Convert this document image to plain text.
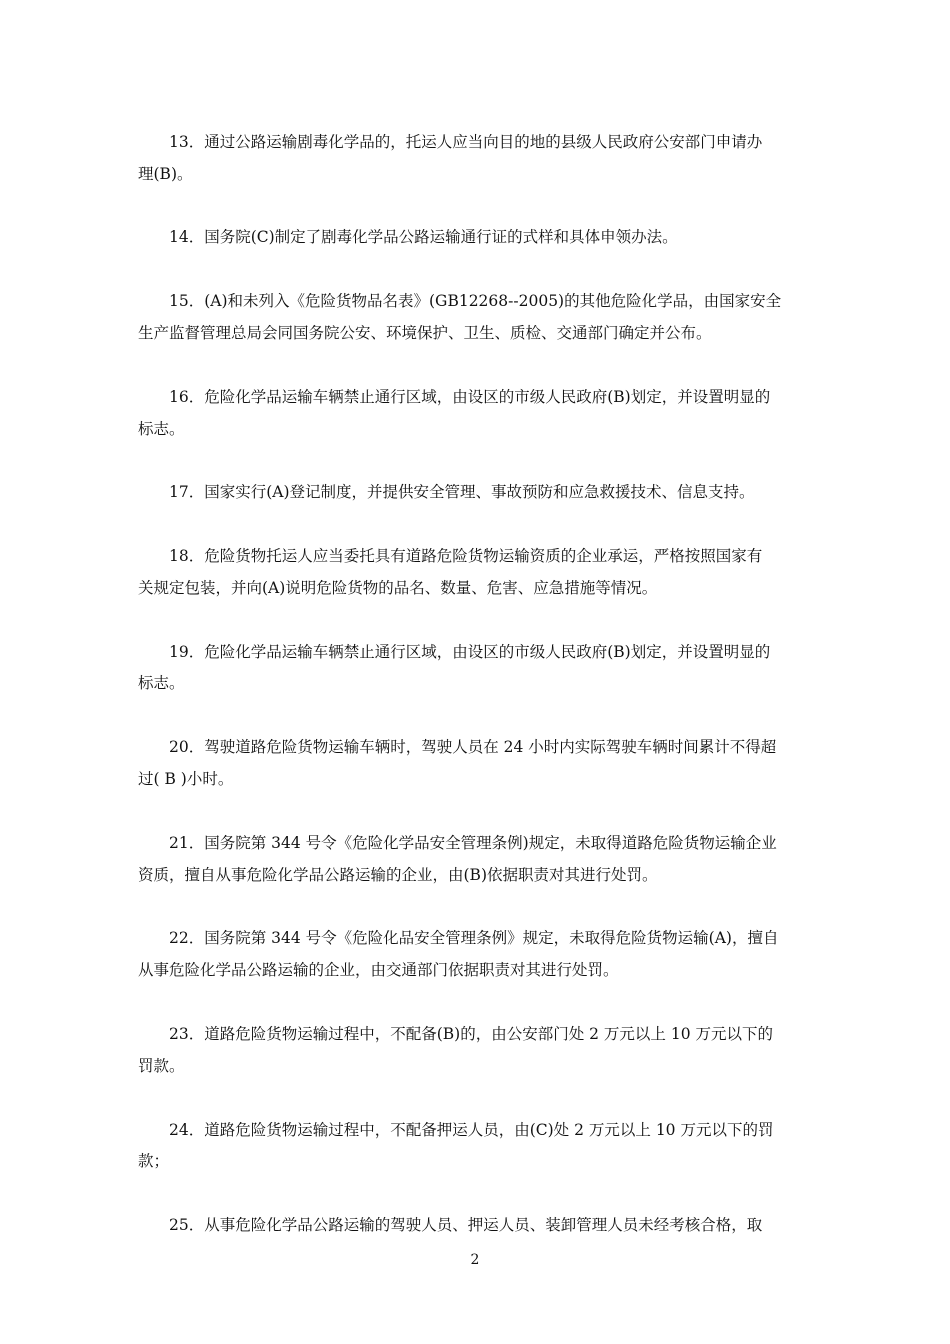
13．通过公路运输剧毒化学品的，托运人应当向目的地的县级人民政府公安部门申请办
理(B)。
14．国务院(C)制定了剧毒化学品公路运输通行证的式样和具体申领办法。
15．(A)和未列入《危险货物品名表》(GB12268--2005)的其他危险化学品，由国家安全
生产监督管理总局会同国务院公安、环境保护、卫生、质检、交通部门确定并公布。
16．危险化学品运输车辆禁止通行区域，由设区的市级人民政府(B)划定，并设置明显的
标志。
17．国家实行(A)登记制度，并提供安全管理、事故预防和应急救援技术、信息支持。
18．危险货物托运人应当委托具有道路危险货物运输资质的企业承运，严格按照国家有
关规定包装，并向(A)说明危险货物的品名、数量、危害、应急措施等情况。
19．危险化学品运输车辆禁止通行区域，由设区的市级人民政府(B)划定，并设置明显的
标志。
20．驾驶道路危险货物运输车辆时，驾驶人员在 24 小时内实际驾驶车辆时间累计不得超
过( B )小时。
21．国务院第 344 号令《危险化学品安全管理条例)规定，未取得道路危险货物运输企业
资质，擅自从事危险化学品公路运输的企业，由(B)依据职责对其进行处罚。
22．国务院第 344 号令《危险化品安全管理条例》规定，未取得危险货物运输(A)，擅自
从事危险化学品公路运输的企业，由交通部门依据职责对其进行处罚。
23．道路危险货物运输过程中，不配备(B)的，由公安部门处 2 万元以上 10 万元以下的
罚款。
24．道路危险货物运输过程中，不配备押运人员，由(C)处 2 万元以上 10 万元以下的罚
款；
25．从事危险化学品公路运输的驾驶人员、押运人员、装卸管理人员未经考核合格，取
2
